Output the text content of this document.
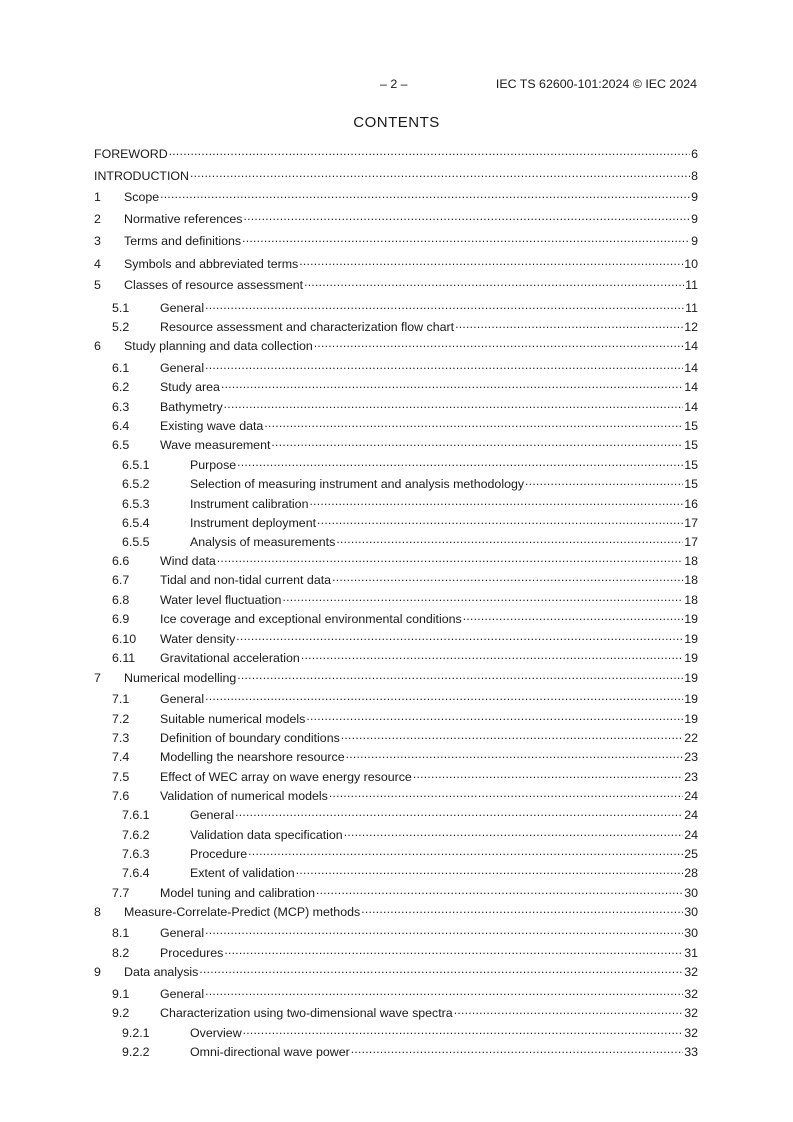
– 2 –	IEC TS 62600-101:2024 © IEC 2024
CONTENTS
FOREWORD .....	6
INTRODUCTION .....	8
1	Scope .....	9
2	Normative references .....	9
3	Terms and definitions .....	9
4	Symbols and abbreviated terms .....	10
5	Classes of resource assessment .....	11
5.1	General .....	11
5.2	Resource assessment and characterization flow chart .....	12
6	Study planning and data collection .....	14
6.1	General .....	14
6.2	Study area .....	14
6.3	Bathymetry .....	14
6.4	Existing wave data .....	15
6.5	Wave measurement .....	15
6.5.1	Purpose .....	15
6.5.2	Selection of measuring instrument and analysis methodology .....	15
6.5.3	Instrument calibration .....	16
6.5.4	Instrument deployment .....	17
6.5.5	Analysis of measurements .....	17
6.6	Wind data .....	18
6.7	Tidal and non-tidal current data .....	18
6.8	Water level fluctuation .....	18
6.9	Ice coverage and exceptional environmental conditions .....	19
6.10	Water density .....	19
6.11	Gravitational acceleration .....	19
7	Numerical modelling .....	19
7.1	General .....	19
7.2	Suitable numerical models .....	19
7.3	Definition of boundary conditions .....	22
7.4	Modelling the nearshore resource .....	23
7.5	Effect of WEC array on wave energy resource .....	23
7.6	Validation of numerical models .....	24
7.6.1	General .....	24
7.6.2	Validation data specification .....	24
7.6.3	Procedure .....	25
7.6.4	Extent of validation .....	28
7.7	Model tuning and calibration .....	30
8	Measure-Correlate-Predict (MCP) methods .....	30
8.1	General .....	30
8.2	Procedures .....	31
9	Data analysis .....	32
9.1	General .....	32
9.2	Characterization using two-dimensional wave spectra .....	32
9.2.1	Overview .....	32
9.2.2	Omni-directional wave power .....	33
